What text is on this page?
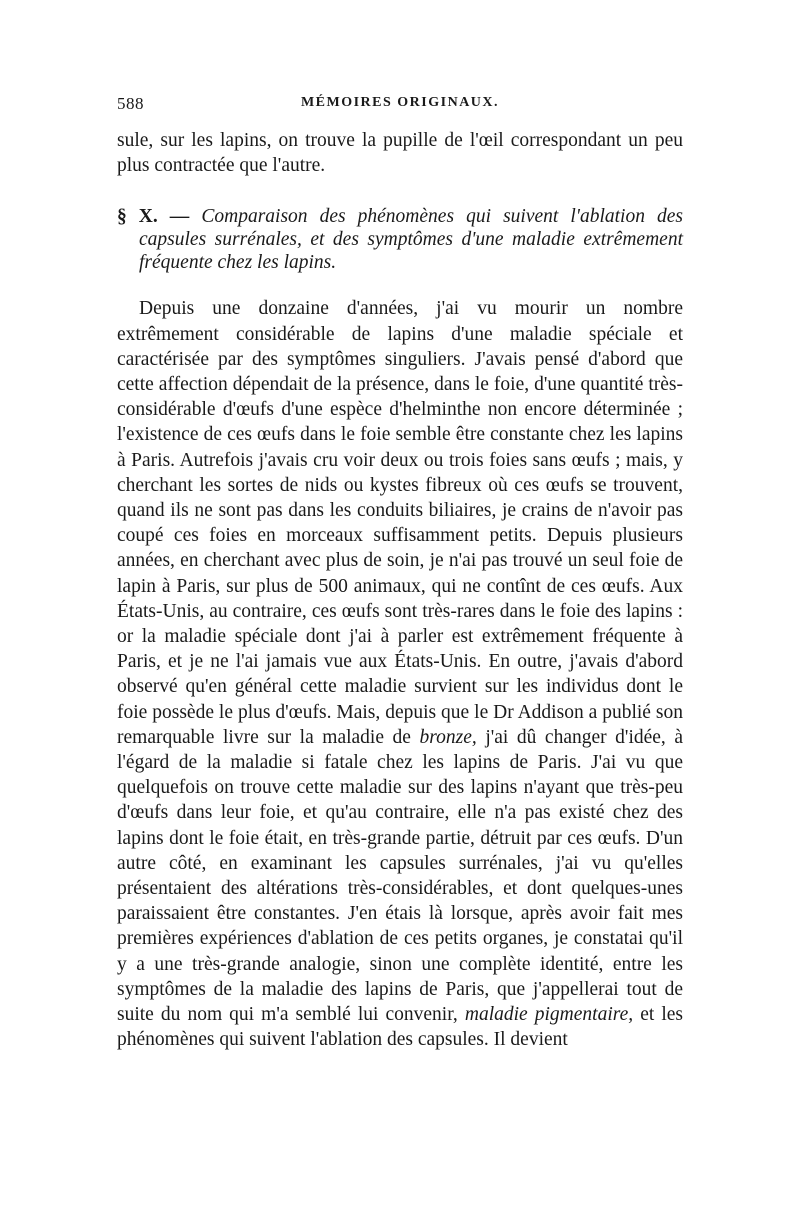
588	MÉMOIRES ORIGINAUX.

sule, sur les lapins, on trouve la pupille de l'œil correspondant un peu plus contractée que l'autre.

§ X. — Comparaison des phénomènes qui suivent l'ablation des capsules surrénales, et des symptômes d'une maladie extrêmement fréquente chez les lapins.

Depuis une donzaine d'années, j'ai vu mourir un nombre extrêmement considérable de lapins d'une maladie spéciale et caractérisée par des symptômes singuliers. J'avais pensé d'abord que cette affection dépendait de la présence, dans le foie, d'une quantité très-considérable d'œufs d'une espèce d'helminthe non encore déterminée ; l'existence de ces œufs dans le foie semble être constante chez les lapins à Paris. Autrefois j'avais cru voir deux ou trois foies sans œufs ; mais, y cherchant les sortes de nids ou kystes fibreux où ces œufs se trouvent, quand ils ne sont pas dans les conduits biliaires, je crains de n'avoir pas coupé ces foies en morceaux suffisamment petits. Depuis plusieurs années, en cherchant avec plus de soin, je n'ai pas trouvé un seul foie de lapin à Paris, sur plus de 500 animaux, qui ne contînt de ces œufs. Aux États-Unis, au contraire, ces œufs sont très-rares dans le foie des lapins : or la maladie spéciale dont j'ai à parler est extrêmement fréquente à Paris, et je ne l'ai jamais vue aux États-Unis. En outre, j'avais d'abord observé qu'en général cette maladie survient sur les individus dont le foie possède le plus d'œufs. Mais, depuis que le Dr Addison a publié son remarquable livre sur la maladie de bronze, j'ai dû changer d'idée, à l'égard de la maladie si fatale chez les lapins de Paris. J'ai vu que quelquefois on trouve cette maladie sur des lapins n'ayant que très-peu d'œufs dans leur foie, et qu'au contraire, elle n'a pas existé chez des lapins dont le foie était, en très-grande partie, détruit par ces œufs. D'un autre côté, en examinant les capsules surrénales, j'ai vu qu'elles présentaient des altérations très-considérables, et dont quelques-unes paraissaient être constantes. J'en étais là lorsque, après avoir fait mes premières expériences d'ablation de ces petits organes, je constatai qu'il y a une très-grande analogie, sinon une complète identité, entre les symptômes de la maladie des lapins de Paris, que j'appellerai tout de suite du nom qui m'a semblé lui convenir, maladie pigmentaire, et les phénomènes qui suivent l'ablation des capsules. Il devient
